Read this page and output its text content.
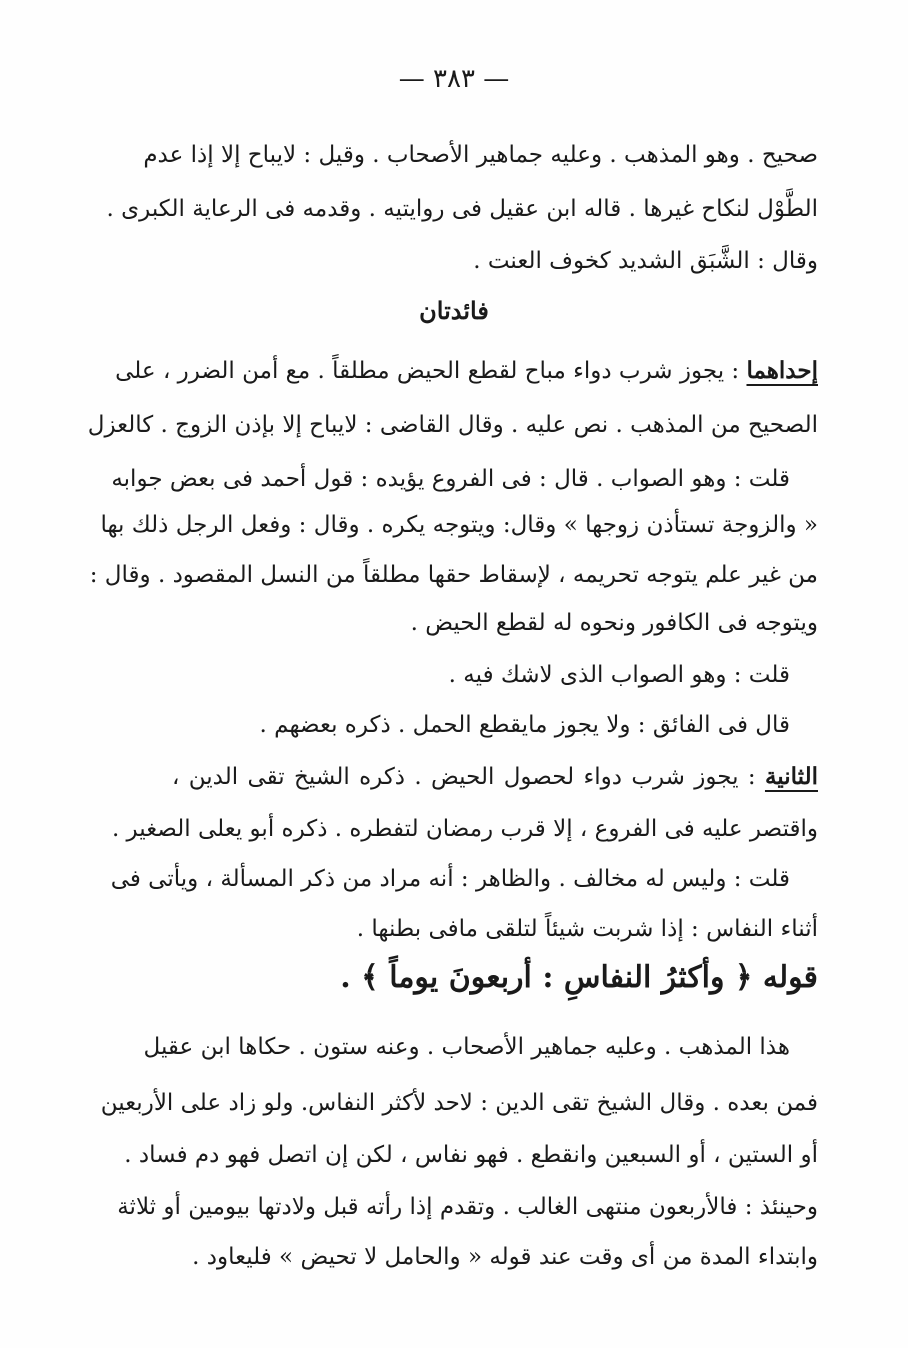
— ٣٨٣ —
صحيح . وهو المذهب . وعليه جماهير الأصحاب . وقيل : لايباح إلا إذا عدم
الطَّوْل لنكاح غيرها . قاله ابن عقيل فى روايتيه . وقدمه فى الرعاية الكبرى .
وقال : الشَّبَق الشديد كخوف العنت .
إحداهما : يجوز شرب دواء مباح لقطع الحيض مطلقاً . مع أمن الضرر ، على
الصحيح من المذهب . نص عليه . وقال القاضى : لايباح إلا بإذن الزوج . كالعزل
قلت : وهو الصواب . قال : فى الفروع يؤيده : قول أحمد فى بعض جوابه
« والزوجة تستأذن زوجها » وقال: ويتوجه يكره . وقال : وفعل الرجل ذلك بها
من غير علم يتوجه تحريمه ، لإسقاط حقها مطلقاً من النسل المقصود . وقال :
ويتوجه فى الكافور ونحوه له لقطع الحيض .
قلت : وهو الصواب الذى لاشك فيه .
قال فى الفائق : ولا يجوز مايقطع الحمل . ذكره بعضهم .
الثانية : يجوز شرب دواء لحصول الحيض . ذكره الشيخ تقى الدين ،
واقتصر عليه فى الفروع ، إلا قرب رمضان لتفطره . ذكره أبو يعلى الصغير .
قلت : وليس له مخالف . والظاهر : أنه مراد من ذكر المسألة ، ويأتى فى
أثناء النفاس : إذا شربت شيئاً لتلقى مافى بطنها .
قوله ﴿ وأكثرُ النفاسِ : أربعونَ يوماً ﴾ .
هذا المذهب . وعليه جماهير الأصحاب . وعنه ستون . حكاها ابن عقيل
فمن بعده . وقال الشيخ تقى الدين : لاحد لأكثر النفاس. ولو زاد على الأربعين
أو الستين ، أو السبعين وانقطع . فهو نفاس ، لكن إن اتصل فهو دم فساد .
وحينئذ : فالأربعون منتهى الغالب . وتقدم إذا رأته قبل ولادتها بيومين أو ثلاثة
وابتداء المدة من أى وقت عند قوله « والحامل لا تحيض » فليعاود .
فائدتان
